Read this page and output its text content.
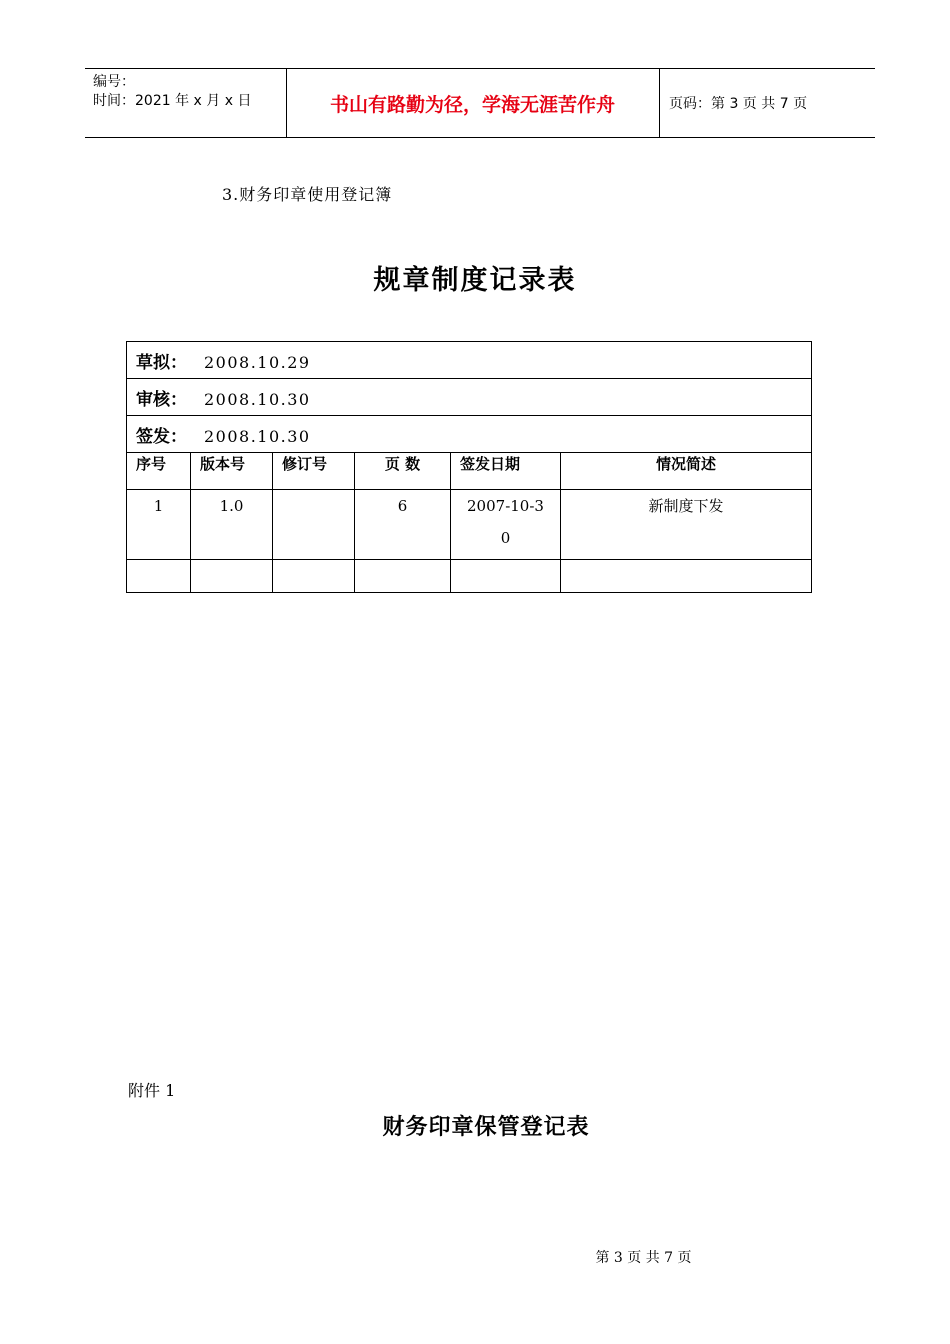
编号：
时间：2021 年 x 月 x 日	书山有路勤为径，学海无涯苦作舟	页码：第 3 页 共 7 页
3.财务印章使用登记簿
规章制度记录表
草拟： 2008.10.29					
审核： 2008.10.30					
签发： 2008.10.30					
序号	版本号	修订号	页 数	签发日期	情况简述
1	1.0		6	2007-10-30	新制度下发

附件 1
财务印章保管登记表
第 3 页 共 7 页
